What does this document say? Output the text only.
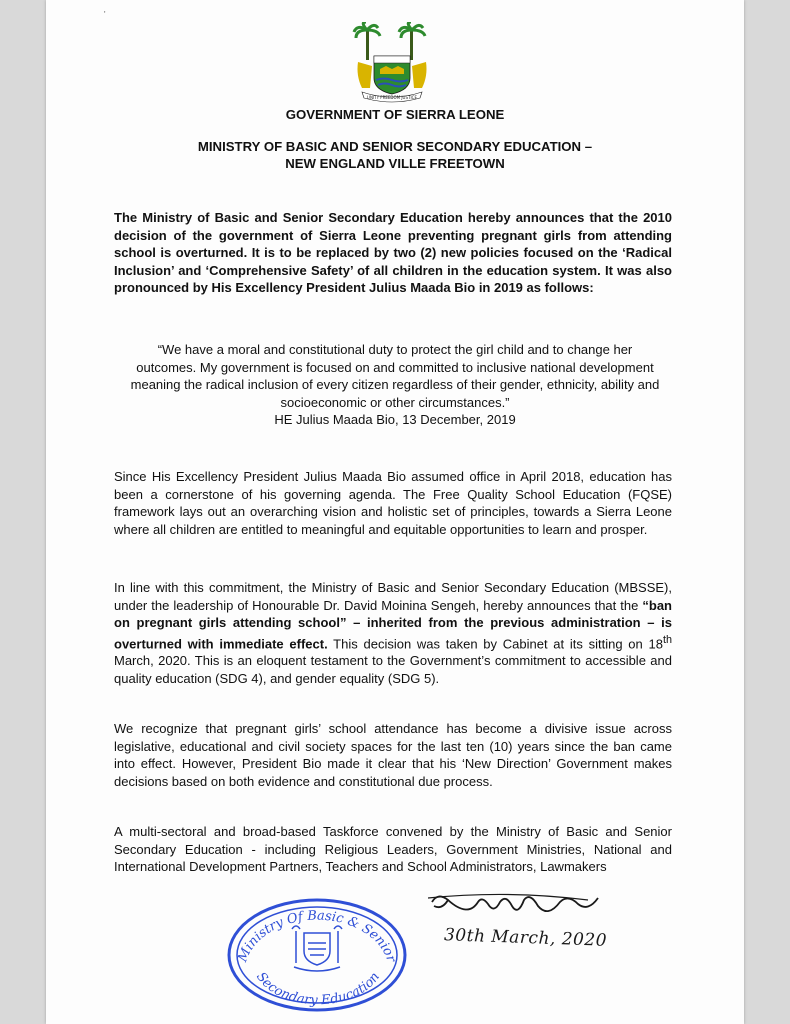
'
UNITY FREEDOM JUSTICE
GOVERNMENT OF SIERRA LEONE
MINISTRY OF BASIC AND SENIOR SECONDARY EDUCATION –
NEW ENGLAND VILLE FREETOWN

The Ministry of Basic and Senior Secondary Education hereby announces that the 2010 decision of the government of Sierra Leone preventing pregnant girls from attending school is overturned. It is to be replaced by two (2) new policies focused on the ‘Radical Inclusion’ and ‘Comprehensive Safety’ of all children in the education system. It was also pronounced by His Excellency President Julius Maada Bio in 2019 as follows:

“We have a moral and constitutional duty to protect the girl child and to change her outcomes. My government is focused on and committed to inclusive national development meaning the radical inclusion of every citizen regardless of their gender, ethnicity, ability and socioeconomic or other circumstances.”
HE Julius Maada Bio, 13 December, 2019

Since His Excellency President Julius Maada Bio assumed office in April 2018, education has been a cornerstone of his governing agenda. The Free Quality School Education (FQSE) framework lays out an overarching vision and holistic set of principles, towards a Sierra Leone where all children are entitled to meaningful and equitable opportunities to learn and prosper.

In line with this commitment, the Ministry of Basic and Senior Secondary Education (MBSSE), under the leadership of Honourable Dr. David Moinina Sengeh, hereby announces that the “ban on pregnant girls attending school” – inherited from the previous administration – is overturned with immediate effect. This decision was taken by Cabinet at its sitting on 18th March, 2020. This is an eloquent testament to the Government’s commitment to accessible and quality education (SDG 4), and gender equality (SDG 5).

We recognize that pregnant girls’ school attendance has become a divisive issue across legislative, educational and civil society spaces for the last ten (10) years since the ban came into effect. However, President Bio made it clear that his ‘New Direction’ Government makes decisions based on both evidence and constitutional due process.

A multi-sectoral and broad-based Taskforce convened by the Ministry of Basic and Senior Secondary Education - including Religious Leaders, Government Ministries, National and International Development Partners, Teachers and School Administrators, Lawmakers

Ministry Of Basic & Senior
Secondary Education
30th March, 2020
